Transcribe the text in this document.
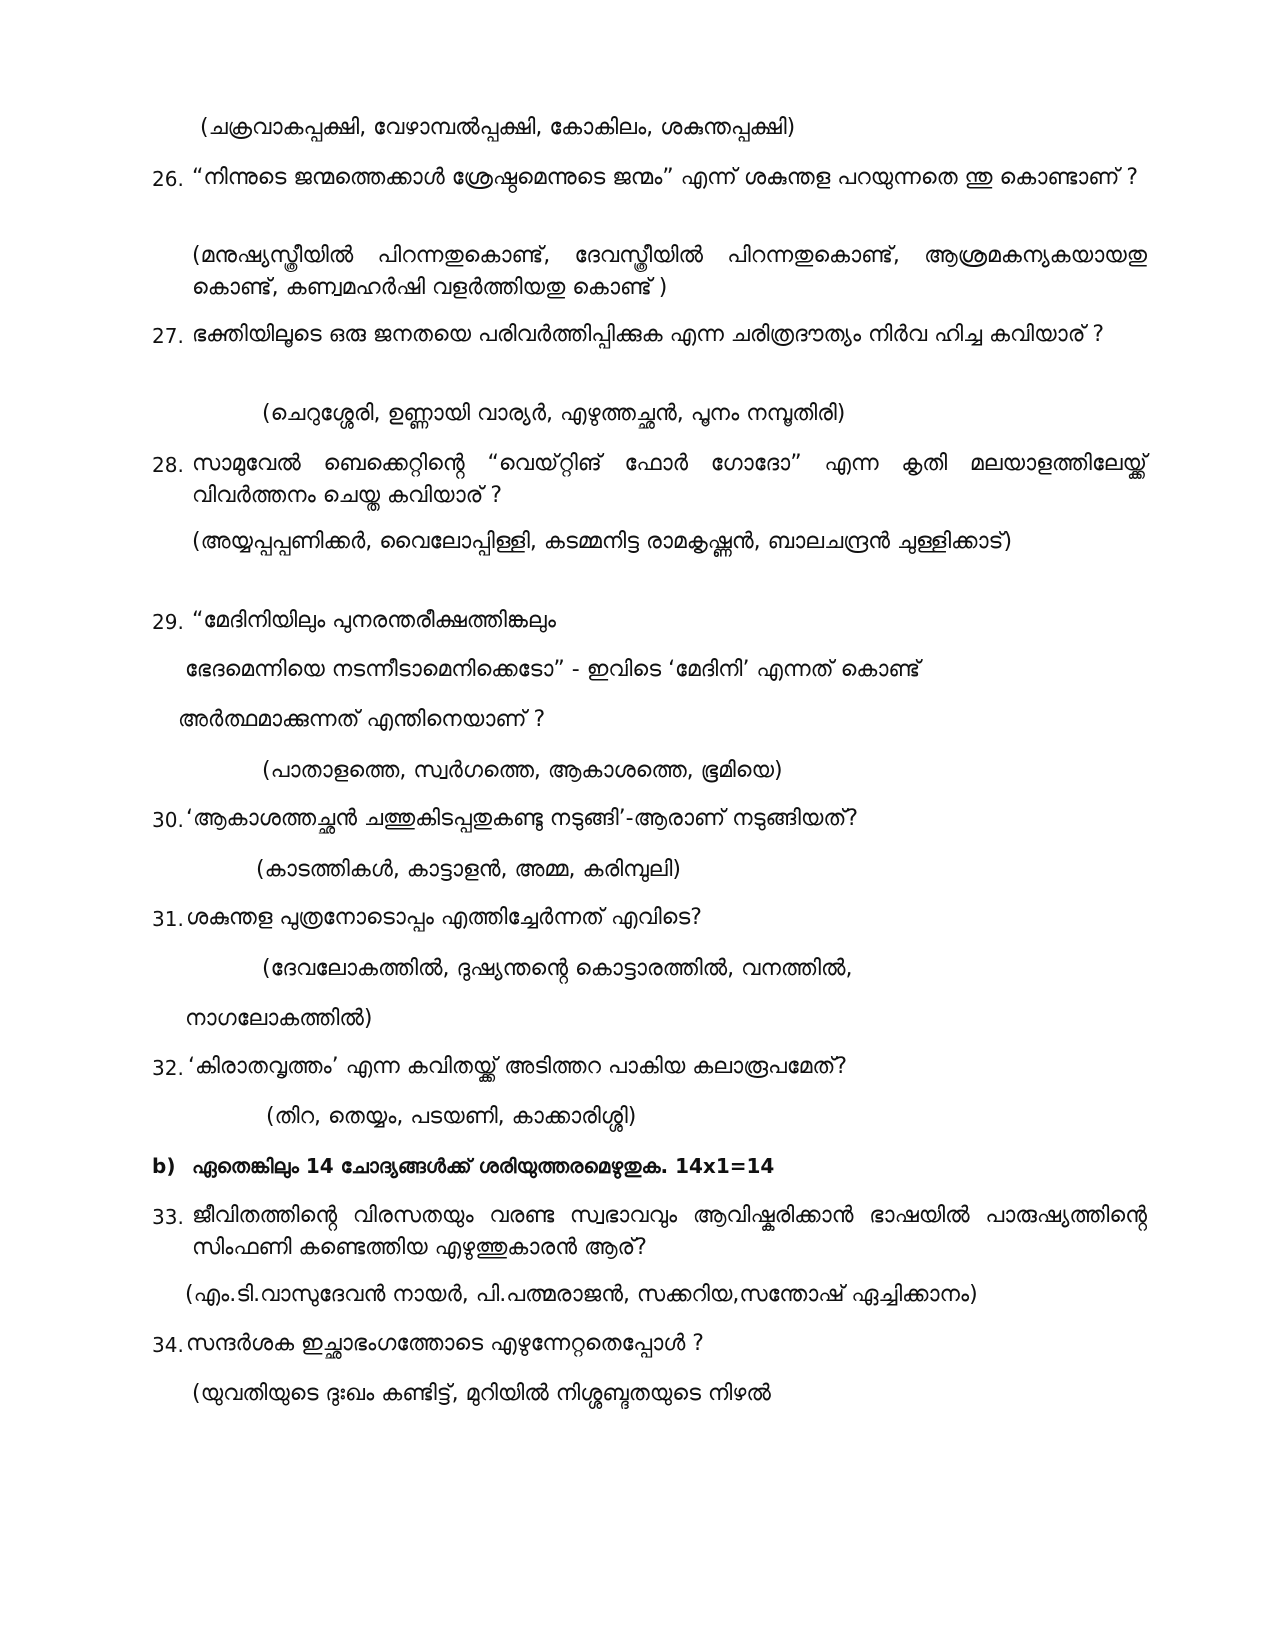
(ചക്രവാകപ്പക്ഷി, വേഴാമ്പൽപ്പക്ഷി, കോകിലം, ശകുന്തപ്പക്ഷി)
26. “നിന്നുടെ ജന്മത്തെക്കാൾ ശ്രേഷ്ഠമെന്നുടെ ജന്മം” എന്ന് ശകുന്തള പറയുന്നതെ ന്തു കൊണ്ടാണ് ?
(മനുഷ്യസ്ത്രീയിൽ പിറന്നതുകൊണ്ട്, ദേവസ്ത്രീയിൽ പിറന്നതുകൊണ്ട്, ആശ്രമകന്യകയായതു കൊണ്ട്, കണ്വമഹർഷി വളർത്തിയതു കൊണ്ട് )
27. ഭക്തിയിലൂടെ ഒരു ജനതയെ പരിവർത്തിപ്പിക്കുക എന്ന ചരിത്രദൗത്യം നിർവ ഹിച്ച കവിയാര് ?
(ചെറുശ്ശേരി, ഉണ്ണായി വാര്യർ, എഴുത്തച്ഛൻ, പൂനം നമ്പൂതിരി)
28. സാമുവേൽ ബെക്കെറ്റിൻ്റെ “വെയ്റ്റിങ് ഫോർ ഗോദോ” എന്ന കൃതി മലയാളത്തിലേയ്ക്ക് വിവർത്തനം ചെയ്ത കവിയാര് ?
(അയ്യപ്പപ്പണിക്കർ, വൈലോപ്പിള്ളി, കടമ്മനിട്ട രാമകൃഷ്ണൻ, ബാലചന്ദ്രൻ ചുള്ളിക്കാട്)
29. “മേദിനിയിലും പുനരന്തരീക്ഷത്തിങ്കലും
ഭേദമെന്നിയെ നടന്നീടാമെനിക്കെടോ” - ഇവിടെ ‘മേദിനി’ എന്നത് കൊണ്ട്
അർത്ഥമാക്കുന്നത് എന്തിനെയാണ് ?
(പാതാളത്തെ, സ്വർഗത്തെ, ആകാശത്തെ, ഭൂമിയെ)
30. ‘ആകാശത്തച്ഛൻ ചത്തുകിടപ്പതുകണ്ടു നടുങ്ങി’-ആരാണ് നടുങ്ങിയത്?
(കാടത്തികൾ, കാട്ടാളൻ, അമ്മ, കരിമ്പുലി)
31. ശകുന്തള പുത്രനോടൊപ്പം എത്തിച്ചേർന്നത് എവിടെ?
(ദേവലോകത്തിൽ, ദുഷ്യന്തൻ്റെ കൊട്ടാരത്തിൽ, വനത്തിൽ,
നാഗലോകത്തിൽ)
32. ‘കിരാതവൃത്തം’ എന്ന കവിതയ്ക്ക് അടിത്തറ പാകിയ കലാരൂപമേത്?
(തിറ, തെയ്യം, പടയണി, കാക്കാരിശ്ശി)
b) ഏതെങ്കിലും 14 ചോദ്യങ്ങൾക്ക് ശരിയുത്തരമെഴുതുക. 14x1=14
33. ജീവിതത്തിൻ്റെ വിരസതയും വരണ്ട സ്വഭാവവും ആവിഷ്കരിക്കാൻ ഭാഷയിൽ പാരുഷ്യത്തിൻ്റെ സിംഫണി കണ്ടെത്തിയ എഴുത്തുകാരൻ ആര്?
(എം.ടി.വാസുദേവൻ നായർ, പി.പത്മരാജൻ, സക്കറിയ,സന്തോഷ് ഏച്ചിക്കാനം)
34. സന്ദർശക ഇച്ഛാഭംഗത്തോടെ എഴുന്നേറ്റതെപ്പോൾ ?
(യുവതിയുടെ ദുഃഖം കണ്ടിട്ട്, മുറിയിൽ നിശ്ശബ്ദതയുടെ നിഴൽ
